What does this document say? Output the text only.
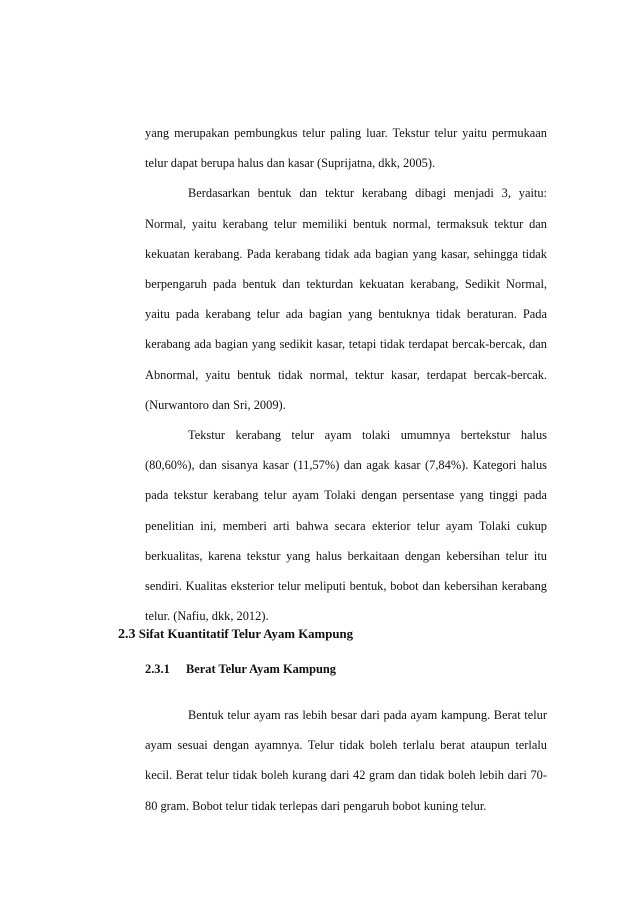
yang merupakan pembungkus telur paling luar. Tekstur telur yaitu permukaan telur dapat berupa halus dan kasar (Suprijatna, dkk, 2005).

Berdasarkan bentuk dan tektur kerabang dibagi menjadi 3, yaitu: Normal, yaitu kerabang telur memiliki bentuk normal, termaksuk tektur dan kekuatan kerabang. Pada kerabang tidak ada bagian yang kasar, sehingga tidak berpengaruh pada bentuk dan tekturdan kekuatan kerabang, Sedikit Normal, yaitu pada kerabang telur ada bagian yang bentuknya tidak beraturan. Pada kerabang ada bagian yang sedikit kasar, tetapi tidak terdapat bercak-bercak, dan Abnormal, yaitu bentuk tidak normal, tektur kasar, terdapat bercak-bercak. (Nurwantoro dan Sri, 2009).

Tekstur kerabang telur ayam tolaki umumnya bertekstur halus (80,60%), dan sisanya kasar (11,57%) dan agak kasar (7,84%). Kategori halus pada tekstur kerabang telur ayam Tolaki dengan persentase yang tinggi pada penelitian ini, memberi arti bahwa secara ekterior telur ayam Tolaki cukup berkualitas, karena tekstur yang halus berkaitaan dengan kebersihan telur itu sendiri. Kualitas eksterior telur meliputi bentuk, bobot dan kebersihan kerabang telur. (Nafiu, dkk, 2012).

2.3 Sifat Kuantitatif Telur Ayam Kampung
2.3.1 Berat Telur Ayam Kampung

Bentuk telur ayam ras lebih besar dari pada ayam kampung. Berat telur ayam sesuai dengan ayamnya. Telur tidak boleh terlalu berat ataupun terlalu kecil. Berat telur tidak boleh kurang dari 42 gram dan tidak boleh lebih dari 70-80 gram. Bobot telur tidak terlepas dari pengaruh bobot kuning telur.
